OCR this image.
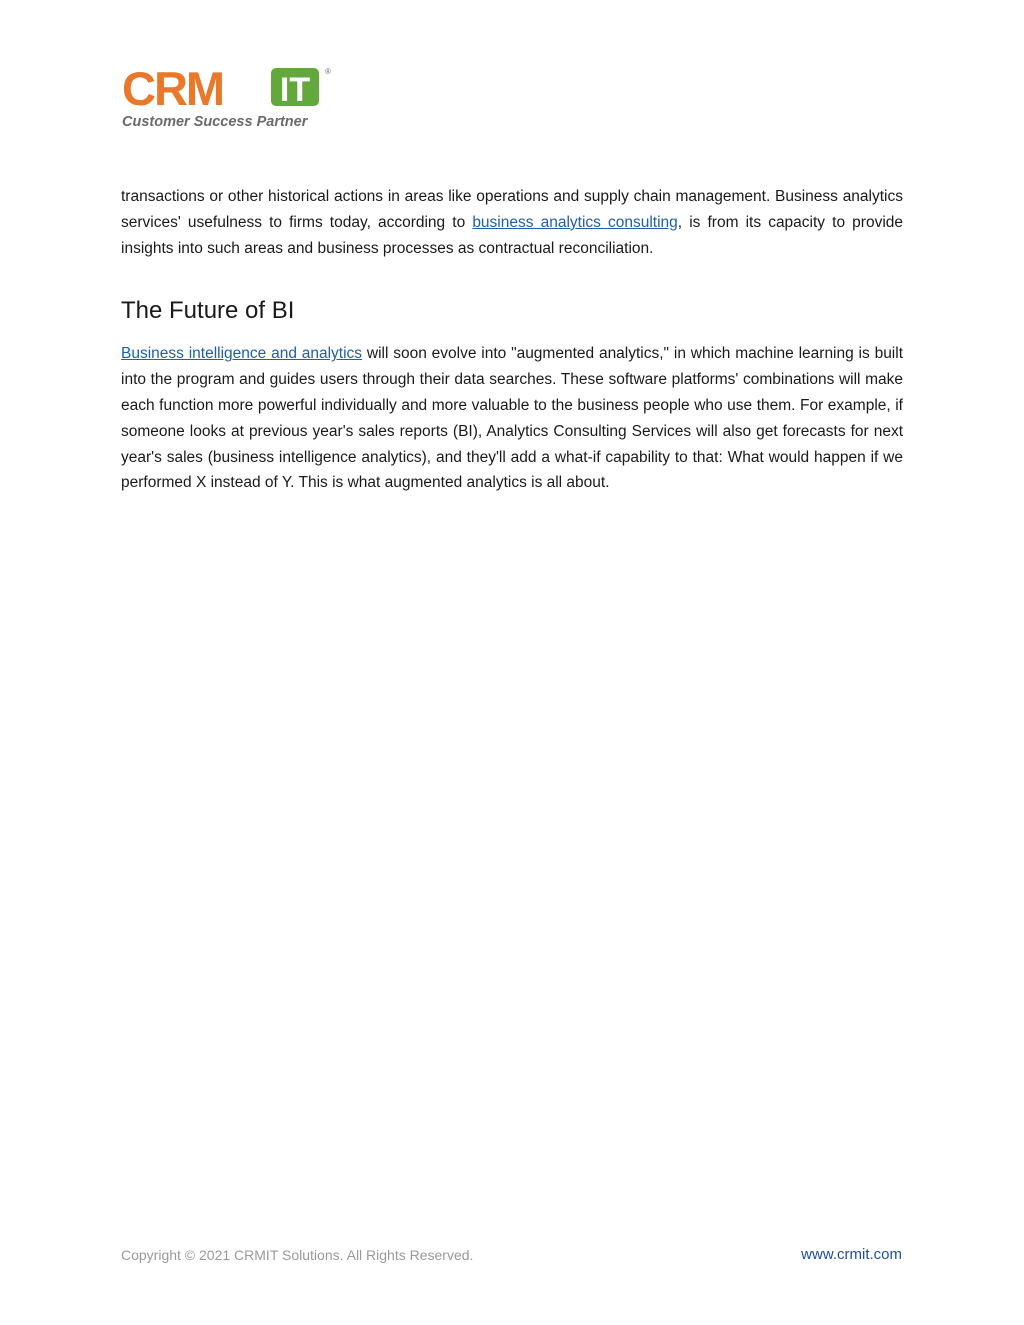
CRM IT ®
Customer Success Partner

transactions or other historical actions in areas like operations and supply chain management. Business analytics services' usefulness to firms today, according to business analytics consulting, is from its capacity to provide insights into such areas and business processes as contractual reconciliation.

The Future of BI

Business intelligence and analytics will soon evolve into "augmented analytics," in which machine learning is built into the program and guides users through their data searches. These software platforms' combinations will make each function more powerful individually and more valuable to the business people who use them. For example, if someone looks at previous year's sales reports (BI), Analytics Consulting Services will also get forecasts for next year's sales (business intelligence analytics), and they'll add a what-if capability to that: What would happen if we performed X instead of Y. This is what augmented analytics is all about.

Copyright © 2021 CRMIT Solutions. All Rights Reserved.	www.crmit.com
